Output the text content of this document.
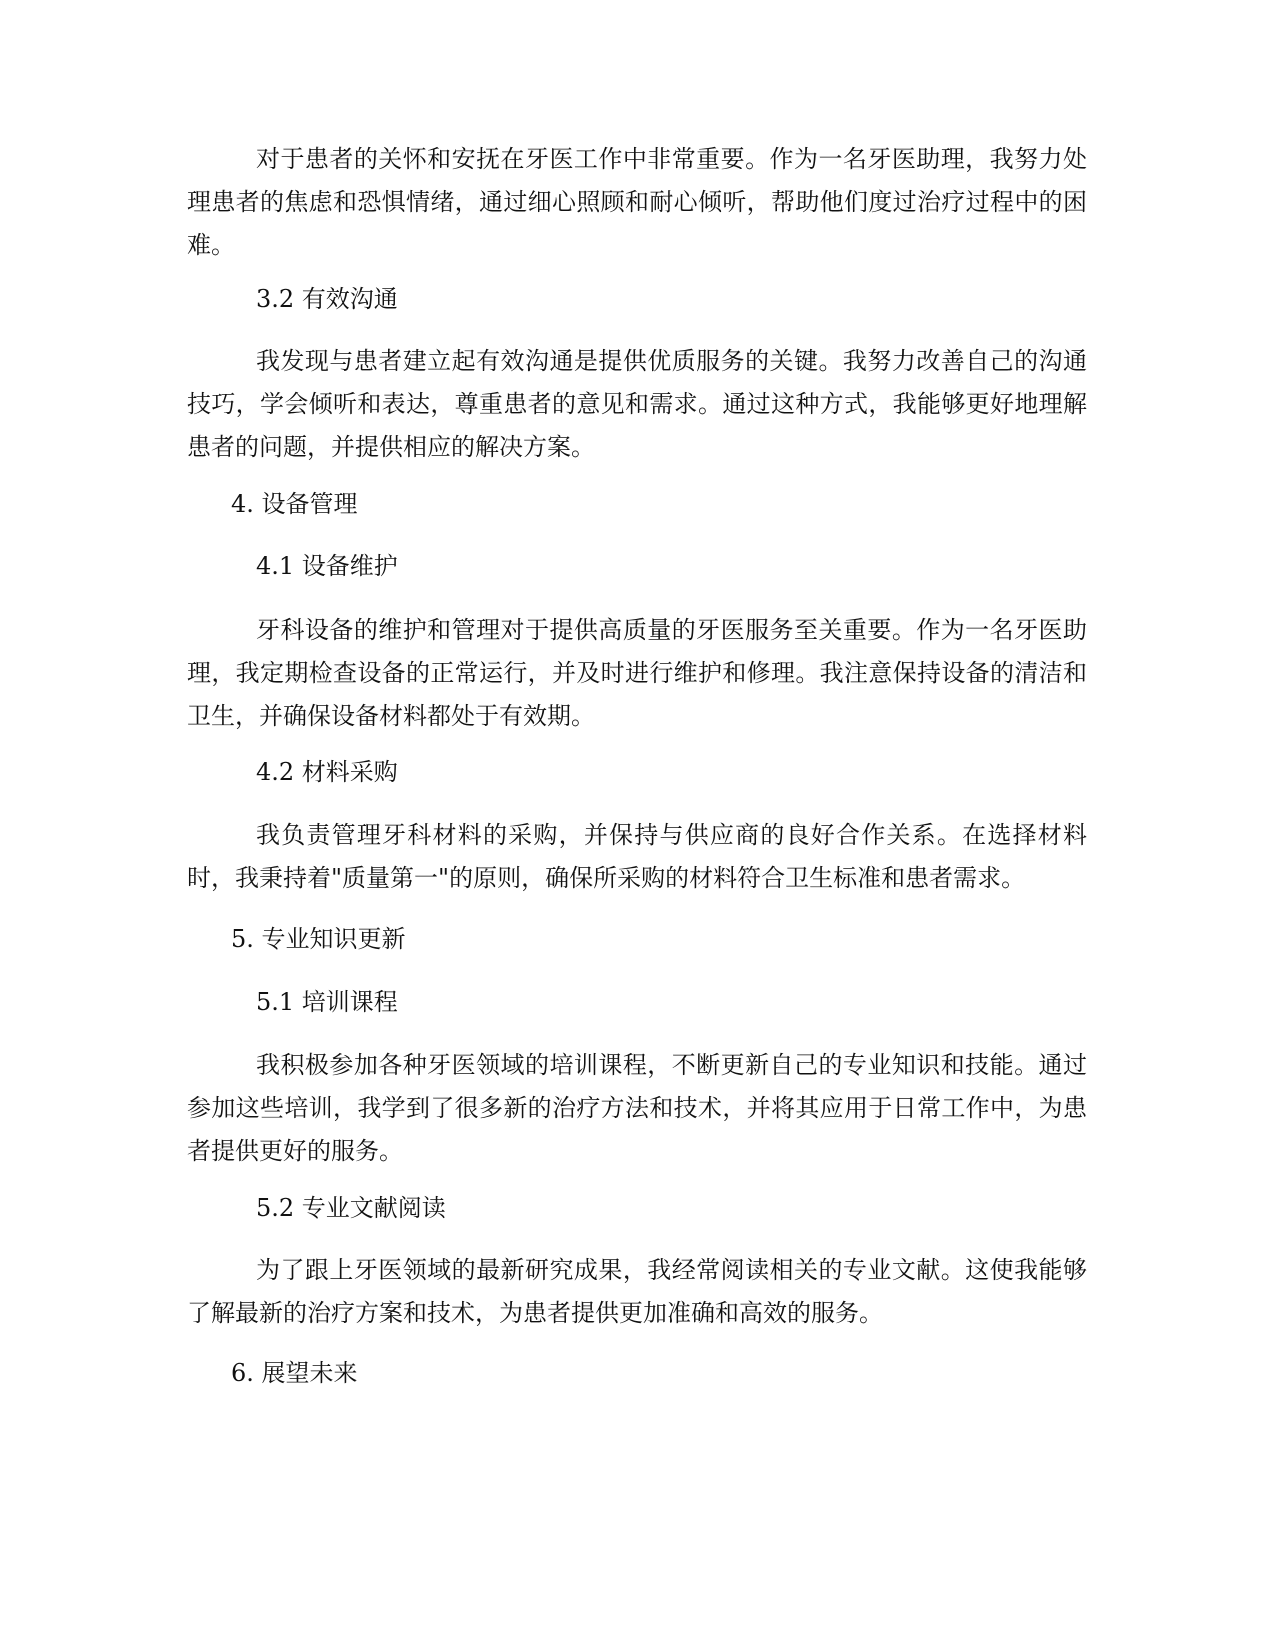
对于患者的关怀和安抚在牙医工作中非常重要。作为一名牙医助理，我努力处理患者的焦虑和恐惧情绪，通过细心照顾和耐心倾听，帮助他们度过治疗过程中的困难。

3.2 有效沟通

我发现与患者建立起有效沟通是提供优质服务的关键。我努力改善自己的沟通技巧，学会倾听和表达，尊重患者的意见和需求。通过这种方式，我能够更好地理解患者的问题，并提供相应的解决方案。

4. 设备管理

4.1 设备维护

牙科设备的维护和管理对于提供高质量的牙医服务至关重要。作为一名牙医助理，我定期检查设备的正常运行，并及时进行维护和修理。我注意保持设备的清洁和卫生，并确保设备材料都处于有效期。

4.2 材料采购

我负责管理牙科材料的采购，并保持与供应商的良好合作关系。在选择材料时，我秉持着"质量第一"的原则，确保所采购的材料符合卫生标准和患者需求。

5. 专业知识更新

5.1 培训课程

我积极参加各种牙医领域的培训课程，不断更新自己的专业知识和技能。通过参加这些培训，我学到了很多新的治疗方法和技术，并将其应用于日常工作中，为患者提供更好的服务。

5.2 专业文献阅读

为了跟上牙医领域的最新研究成果，我经常阅读相关的专业文献。这使我能够了解最新的治疗方案和技术，为患者提供更加准确和高效的服务。

6. 展望未来
